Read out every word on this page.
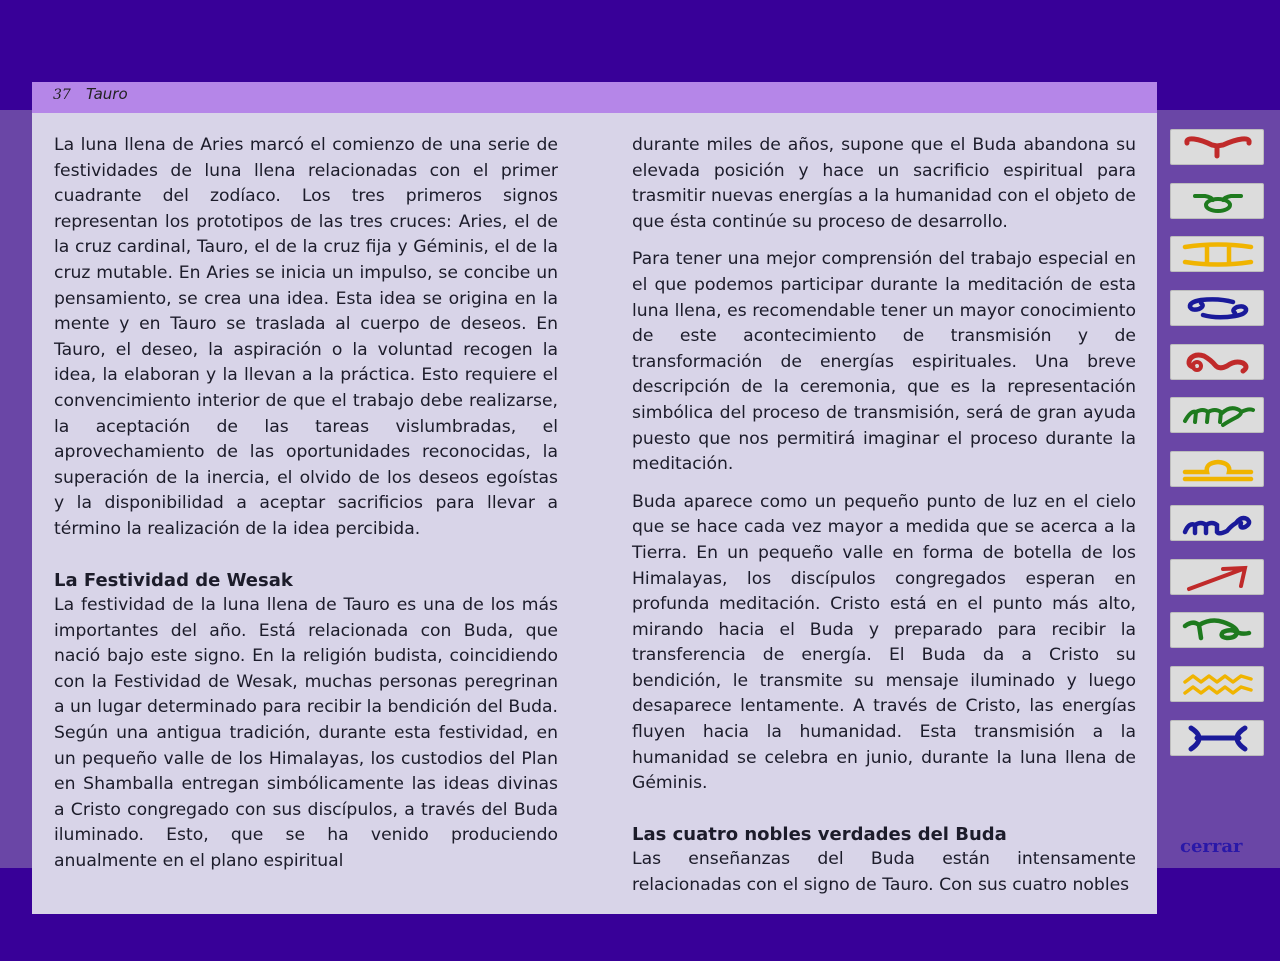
37 Tauro

La luna llena de Aries marcó el comienzo de una serie de festividades de luna llena relacionadas con el primer cuadrante del zodíaco. Los tres primeros signos representan los prototipos de las tres cruces: Aries, el de la cruz cardinal, Tauro, el de la cruz fija y Géminis, el de la cruz mutable. En Aries se inicia un impulso, se concibe un pensamiento, se crea una idea. Esta idea se origina en la mente y en Tauro se traslada al cuerpo de deseos. En Tauro, el deseo, la aspiración o la voluntad recogen la idea, la elaboran y la llevan a la práctica. Esto requiere el convencimiento interior de que el trabajo debe realizarse, la aceptación de las tareas vislumbradas, el aprovechamiento de las oportunidades reconocidas, la superación de la inercia, el olvido de los deseos egoístas y la disponibilidad a aceptar sacrificios para llevar a término la realización de la idea percibida.

La Festividad de Wesak

La festividad de la luna llena de Tauro es una de los más importantes del año. Está relacionada con Buda, que nació bajo este signo. En la religión budista, coincidiendo con la Festividad de Wesak, muchas personas peregrinan a un lugar determinado para recibir la bendición del Buda. Según una antigua tradición, durante esta festividad, en un pequeño valle de los Himalayas, los custodios del Plan en Shamballa entregan simbólicamente las ideas divinas a Cristo congregado con sus discípulos, a través del Buda iluminado. Esto, que se ha venido produciendo anualmente en el plano espiritual

durante miles de años, supone que el Buda abandona su elevada posición y hace un sacrificio espiritual para trasmitir nuevas energías a la humanidad con el objeto de que ésta continúe su proceso de desarrollo.

Para tener una mejor comprensión del trabajo especial en el que podemos participar durante la meditación de esta luna llena, es recomendable tener un mayor conocimiento de este acontecimiento de transmisión y de transformación de energías espirituales. Una breve descripción de la ceremonia, que es la representación simbólica del proceso de transmisión, será de gran ayuda puesto que nos permitirá imaginar el proceso durante la meditación.

Buda aparece como un pequeño punto de luz en el cielo que se hace cada vez mayor a medida que se acerca a la Tierra. En un pequeño valle en forma de botella de los Himalayas, los discípulos congregados esperan en profunda meditación. Cristo está en el punto más alto, mirando hacia el Buda y preparado para recibir la transferencia de energía. El Buda da a Cristo su bendición, le transmite su mensaje iluminado y luego desaparece lentamente. A través de Cristo, las energías fluyen hacia la humanidad. Esta transmisión a la humanidad se celebra en junio, durante la luna llena de Géminis.

Las cuatro nobles verdades del Buda

Las enseñanzas del Buda están intensamente relacionadas con el signo de Tauro. Con sus cuatro nobles

cerrar
